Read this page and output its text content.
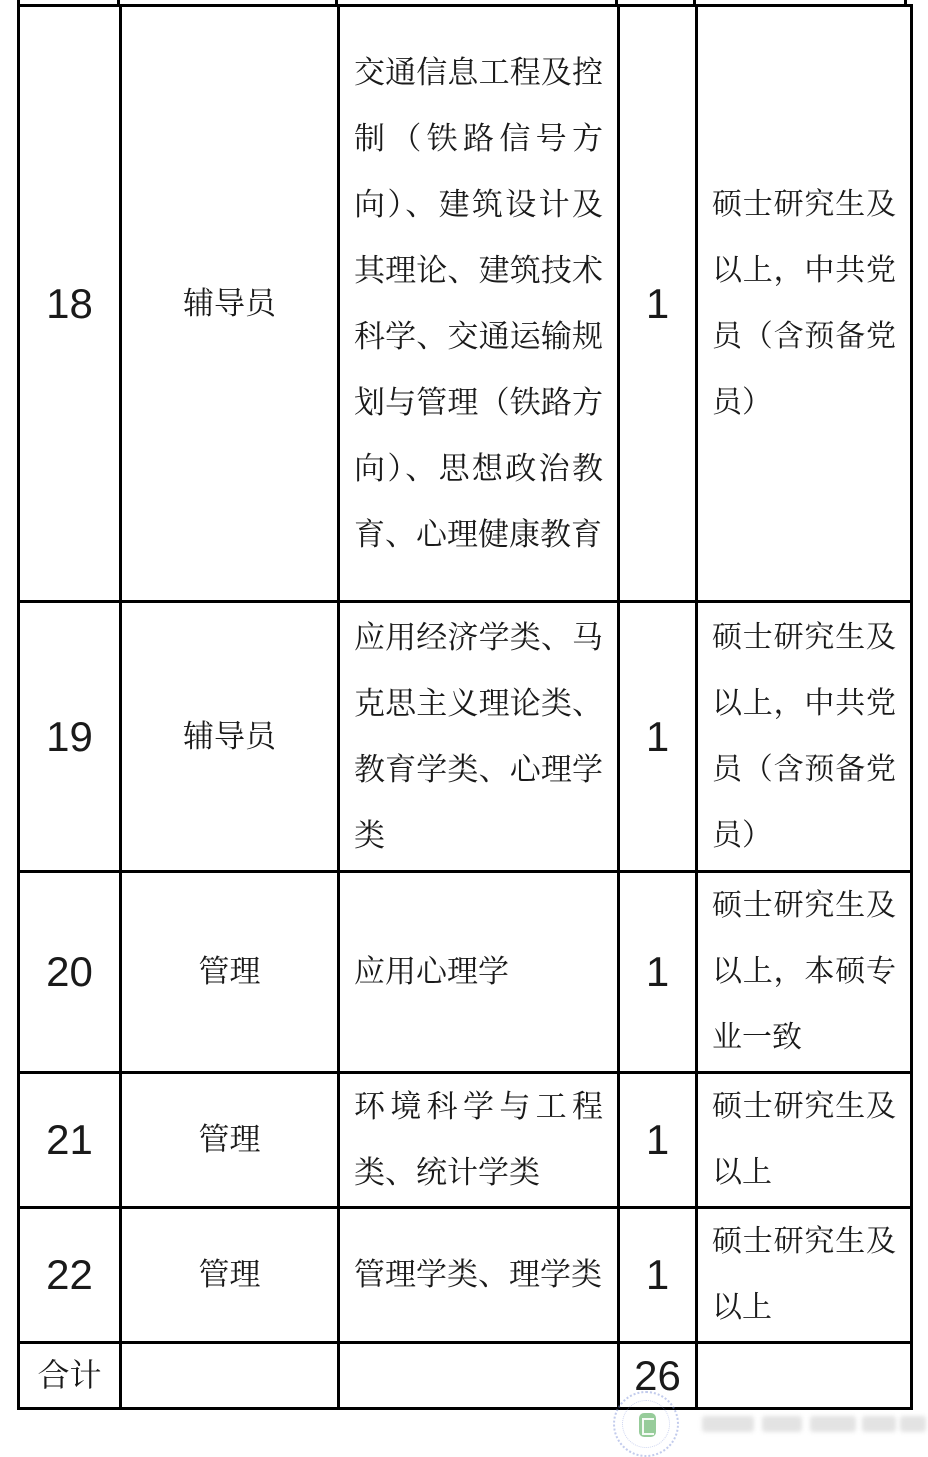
18	辅导员	交通信息工程及控制（铁路信号方向）、建筑设计及其理论、建筑技术科学、交通运输规划与管理（铁路方向）、思想政治教育、心理健康教育	1	硕士研究生及以上，中共党员（含预备党员）
19	辅导员	应用经济学类、马克思主义理论类、教育学类、心理学类	1	硕士研究生及以上，中共党员（含预备党员）
20	管理	应用心理学	1	硕士研究生及以上，本硕专业一致
21	管理	环境科学与工程类、统计学类	1	硕士研究生及以上
22	管理	管理学类、理学类	1	硕士研究生及以上
合计			26	
